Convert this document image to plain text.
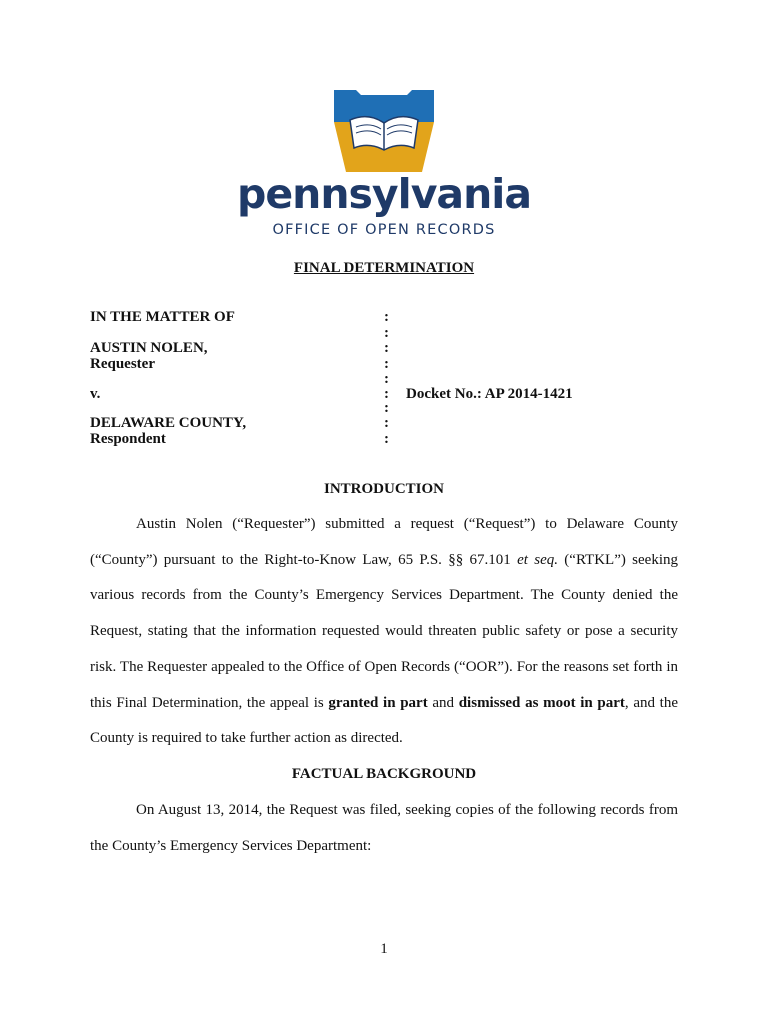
pennsylvania
OFFICE OF OPEN RECORDS
FINAL DETERMINATION
IN THE MATTER OF
AUSTIN NOLEN,
Requester
v.
DELAWARE COUNTY,
Respondent
:
:
:
:
:
:
:
:
:
Docket No.: AP 2014-1421
INTRODUCTION
Austin Nolen (“Requester”) submitted a request (“Request”) to Delaware County (“County”) pursuant to the Right-to-Know Law, 65 P.S. §§ 67.101 et seq. (“RTKL”) seeking various records from the County’s Emergency Services Department. The County denied the Request, stating that the information requested would threaten public safety or pose a security risk. The Requester appealed to the Office of Open Records (“OOR”). For the reasons set forth in this Final Determination, the appeal is granted in part and dismissed as moot in part, and the County is required to take further action as directed.
FACTUAL BACKGROUND
On August 13, 2014, the Request was filed, seeking copies of the following records from the County’s Emergency Services Department:
1
